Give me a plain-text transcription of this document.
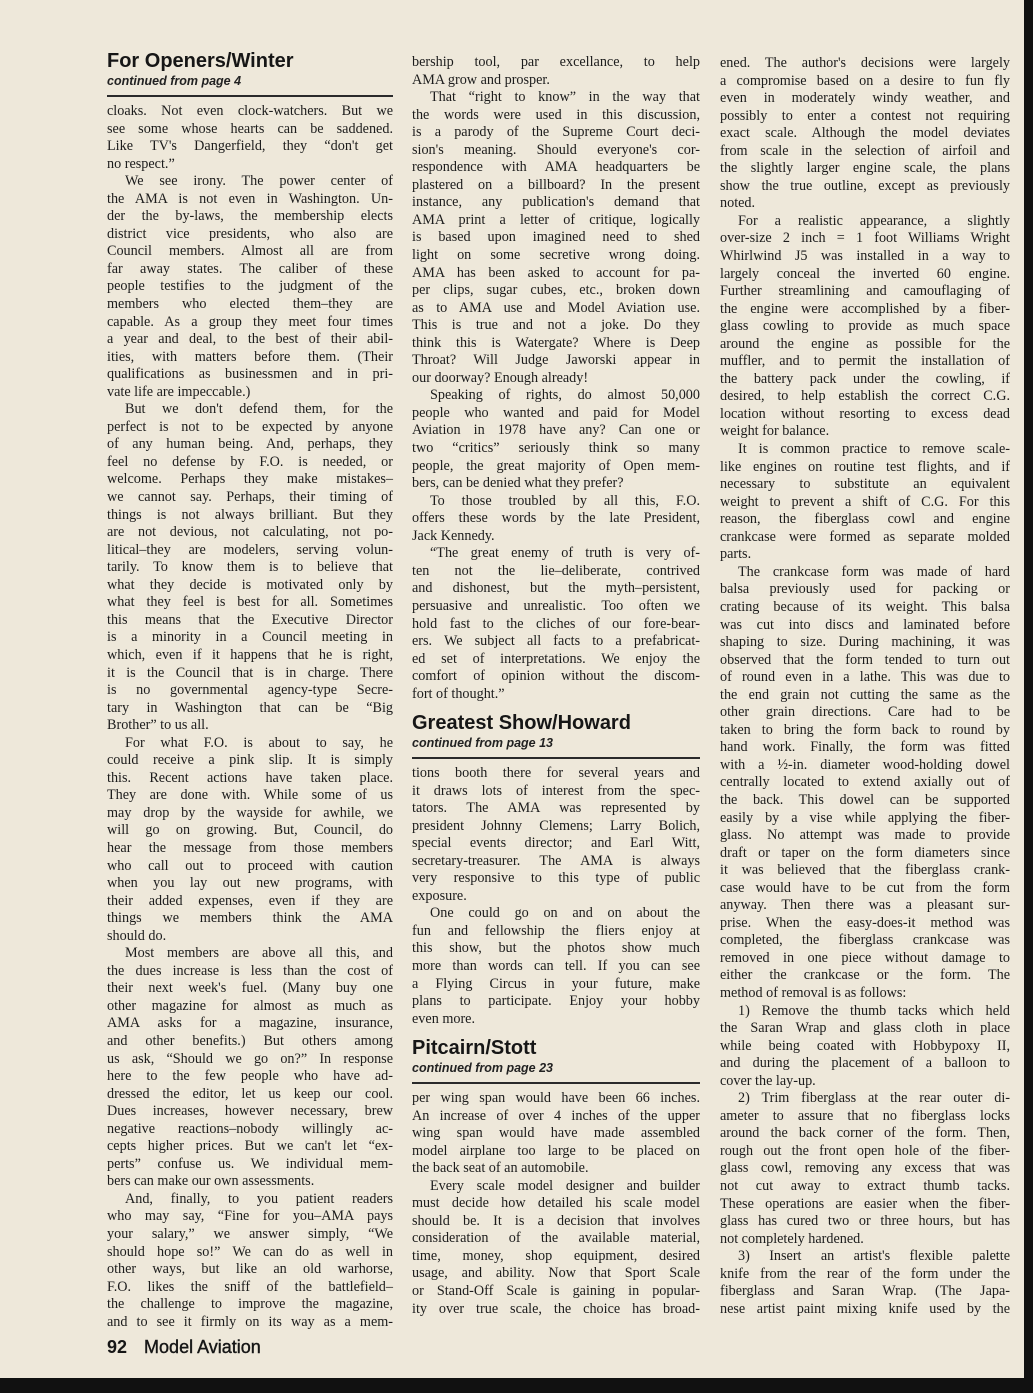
For Openers/Winter
continued from page 4
cloaks. Not even clock-watchers. But we
see some whose hearts can be saddened.
Like TV's Dangerfield, they “don't get
no respect.”
We see irony. The power center of
the AMA is not even in Washington. Un-
der the by-laws, the membership elects
district vice presidents, who also are
Council members. Almost all are from
far away states. The caliber of these
people testifies to the judgment of the
members who elected them–they are
capable. As a group they meet four times
a year and deal, to the best of their abil-
ities, with matters before them. (Their
qualifications as businessmen and in pri-
vate life are impeccable.)
But we don't defend them, for the
perfect is not to be expected by anyone
of any human being. And, perhaps, they
feel no defense by F.O. is needed, or
welcome. Perhaps they make mistakes–
we cannot say. Perhaps, their timing of
things is not always brilliant. But they
are not devious, not calculating, not po-
litical–they are modelers, serving volun-
tarily. To know them is to believe that
what they decide is motivated only by
what they feel is best for all. Sometimes
this means that the Executive Director
is a minority in a Council meeting in
which, even if it happens that he is right,
it is the Council that is in charge. There
is no governmental agency-type Secre-
tary in Washington that can be “Big
Brother” to us all.
For what F.O. is about to say, he
could receive a pink slip. It is simply
this. Recent actions have taken place.
They are done with. While some of us
may drop by the wayside for awhile, we
will go on growing. But, Council, do
hear the message from those members
who call out to proceed with caution
when you lay out new programs, with
their added expenses, even if they are
things we members think the AMA
should do.
Most members are above all this, and
the dues increase is less than the cost of
their next week's fuel. (Many buy one
other magazine for almost as much as
AMA asks for a magazine, insurance,
and other benefits.) But others among
us ask, “Should we go on?” In response
here to the few people who have ad-
dressed the editor, let us keep our cool.
Dues increases, however necessary, brew
negative reactions–nobody willingly ac-
cepts higher prices. But we can't let “ex-
perts” confuse us. We individual mem-
bers can make our own assessments.
And, finally, to you patient readers
who may say, “Fine for you–AMA pays
your salary,” we answer simply, “We
should hope so!” We can do as well in
other ways, but like an old warhorse,
F.O. likes the sniff of the battlefield–
the challenge to improve the magazine,
and to see it firmly on its way as a mem-
bership tool, par excellance, to help
AMA grow and prosper.
That “right to know” in the way that
the words were used in this discussion,
is a parody of the Supreme Court deci-
sion's meaning. Should everyone's cor-
respondence with AMA headquarters be
plastered on a billboard? In the present
instance, any publication's demand that
AMA print a letter of critique, logically
is based upon imagined need to shed
light on some secretive wrong doing.
AMA has been asked to account for pa-
per clips, sugar cubes, etc., broken down
as to AMA use and Model Aviation use.
This is true and not a joke. Do they
think this is Watergate? Where is Deep
Throat? Will Judge Jaworski appear in
our doorway? Enough already!
Speaking of rights, do almost 50,000
people who wanted and paid for Model
Aviation in 1978 have any? Can one or
two “critics” seriously think so many
people, the great majority of Open mem-
bers, can be denied what they prefer?
To those troubled by all this, F.O.
offers these words by the late President,
Jack Kennedy.
“The great enemy of truth is very of-
ten not the lie–deliberate, contrived
and dishonest, but the myth–persistent,
persuasive and unrealistic. Too often we
hold fast to the cliches of our fore-bear-
ers. We subject all facts to a prefabricat-
ed set of interpretations. We enjoy the
comfort of opinion without the discom-
fort of thought.”
Greatest Show/Howard
continued from page 13
tions booth there for several years and
it draws lots of interest from the spec-
tators. The AMA was represented by
president Johnny Clemens; Larry Bolich,
special events director; and Earl Witt,
secretary-treasurer. The AMA is always
very responsive to this type of public
exposure.
One could go on and on about the
fun and fellowship the fliers enjoy at
this show, but the photos show much
more than words can tell. If you can see
a Flying Circus in your future, make
plans to participate. Enjoy your hobby
even more.
Pitcairn/Stott
continued from page 23
per wing span would have been 66 inches.
An increase of over 4 inches of the upper
wing span would have made assembled
model airplane too large to be placed on
the back seat of an automobile.
Every scale model designer and builder
must decide how detailed his scale model
should be. It is a decision that involves
consideration of the available material,
time, money, shop equipment, desired
usage, and ability. Now that Sport Scale
or Stand-Off Scale is gaining in popular-
ity over true scale, the choice has broad-
ened. The author's decisions were largely
a compromise based on a desire to fun fly
even in moderately windy weather, and
possibly to enter a contest not requiring
exact scale. Although the model deviates
from scale in the selection of airfoil and
the slightly larger engine scale, the plans
show the true outline, except as previously
noted.
For a realistic appearance, a slightly
over-size 2 inch = 1 foot Williams Wright
Whirlwind J5 was installed in a way to
largely conceal the inverted 60 engine.
Further streamlining and camouflaging of
the engine were accomplished by a fiber-
glass cowling to provide as much space
around the engine as possible for the
muffler, and to permit the installation of
the battery pack under the cowling, if
desired, to help establish the correct C.G.
location without resorting to excess dead
weight for balance.
It is common practice to remove scale-
like engines on routine test flights, and if
necessary to substitute an equivalent
weight to prevent a shift of C.G. For this
reason, the fiberglass cowl and engine
crankcase were formed as separate molded
parts.
The crankcase form was made of hard
balsa previously used for packing or
crating because of its weight. This balsa
was cut into discs and laminated before
shaping to size. During machining, it was
observed that the form tended to turn out
of round even in a lathe. This was due to
the end grain not cutting the same as the
other grain directions. Care had to be
taken to bring the form back to round by
hand work. Finally, the form was fitted
with a ½-in. diameter wood-holding dowel
centrally located to extend axially out of
the back. This dowel can be supported
easily by a vise while applying the fiber-
glass. No attempt was made to provide
draft or taper on the form diameters since
it was believed that the fiberglass crank-
case would have to be cut from the form
anyway. Then there was a pleasant sur-
prise. When the easy-does-it method was
completed, the fiberglass crankcase was
removed in one piece without damage to
either the crankcase or the form. The
method of removal is as follows:
1) Remove the thumb tacks which held
the Saran Wrap and glass cloth in place
while being coated with Hobbypoxy II,
and during the placement of a balloon to
cover the lay-up.
2) Trim fiberglass at the rear outer di-
ameter to assure that no fiberglass locks
around the back corner of the form. Then,
rough out the front open hole of the fiber-
glass cowl, removing any excess that was
not cut away to extract thumb tacks.
These operations are easier when the fiber-
glass has cured two or three hours, but has
not completely hardened.
3) Insert an artist's flexible palette
knife from the rear of the form under the
fiberglass and Saran Wrap. (The Japa-
nese artist paint mixing knife used by the
92 Model Aviation
